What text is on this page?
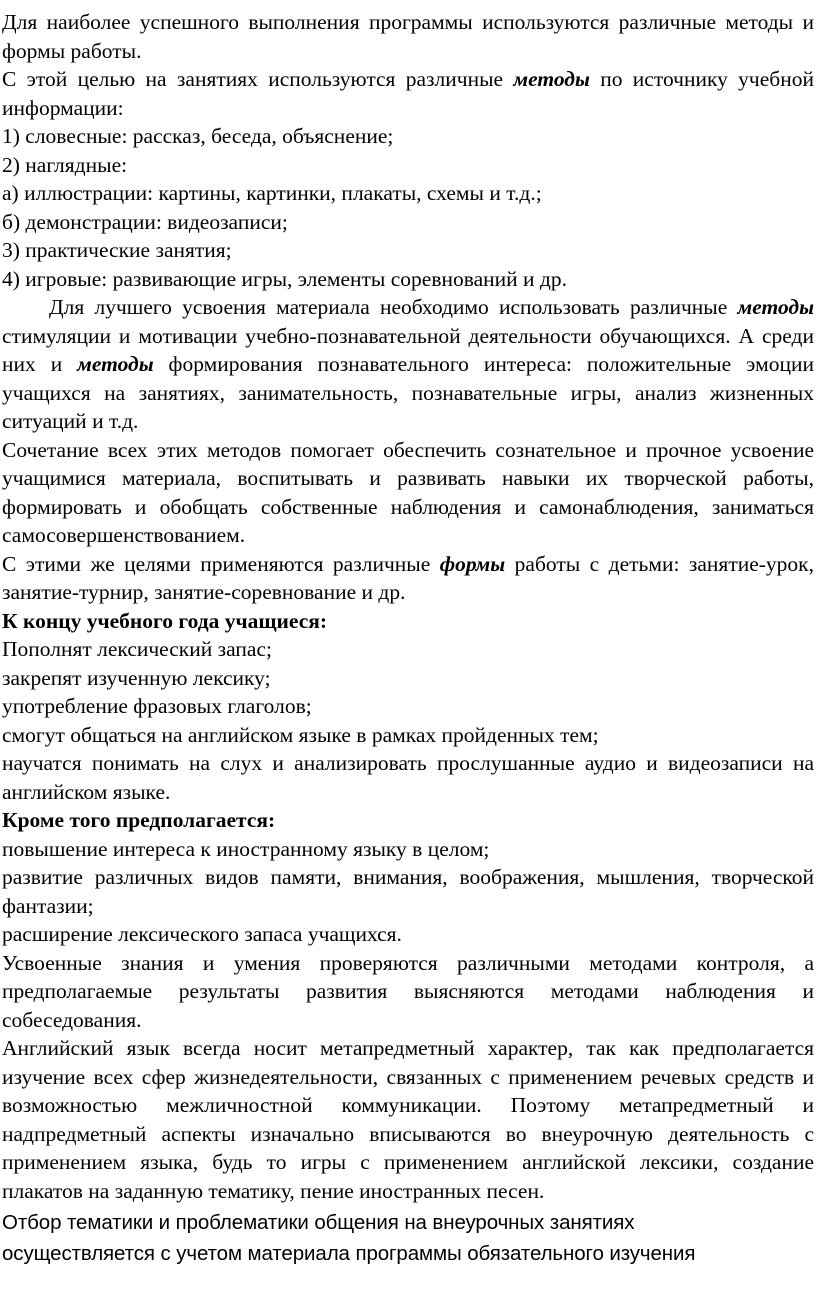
Для наиболее успешного выполнения программы используются различные методы и формы работы.

С этой целью на занятиях используются различные методы по источнику учебной информации:

1) словесные: рассказ, беседа, объяснение;

2) наглядные:

а) иллюстрации: картины, картинки, плакаты, схемы и т.д.;

б) демонстрации: видеозаписи;

3) практические занятия;

4) игровые: развивающие игры, элементы соревнований и др.

Для лучшего усвоения материала необходимо использовать различные методы стимуляции и мотивации учебно-познавательной деятельности обучающихся. А среди них и методы формирования познавательного интереса: положительные эмоции учащихся на занятиях, занимательность, познавательные игры, анализ жизненных ситуаций и т.д.

Сочетание всех этих методов помогает обеспечить сознательное и прочное усвоение учащимися материала, воспитывать и развивать навыки их творческой работы, формировать и обобщать собственные наблюдения и самонаблюдения, заниматься самосовершенствованием.

С этими же целями применяются различные формы работы с детьми: занятие-урок, занятие-турнир, занятие-соревнование и др.

К концу учебного года учащиеся:

Пополнят лексический запас;

закрепят изученную лексику;

употребление фразовых глаголов;

смогут общаться на английском языке в рамках пройденных тем;

научатся понимать на слух и анализировать прослушанные аудио и видеозаписи на английском языке.

Кроме того предполагается:

повышение интереса к иностранному языку в целом;

развитие различных видов памяти, внимания, воображения, мышления, творческой фантазии;

расширение лексического запаса учащихся.

Усвоенные знания и умения проверяются различными методами контроля, а предполагаемые результаты развития выясняются методами наблюдения и собеседования.

Английский язык всегда носит метапредметный характер, так как предполагается изучение всех сфер жизнедеятельности, связанных с применением речевых средств и возможностью межличностной коммуникации. Поэтому метапредметный и надпредметный аспекты изначально вписываются во внеурочную деятельность с применением языка, будь то игры с применением английской лексики, создание плакатов на заданную тематику, пение иностранных песен.

Отбор тематики и проблематики общения на внеурочных занятиях

осуществляется с учетом материала программы обязательного изучения
